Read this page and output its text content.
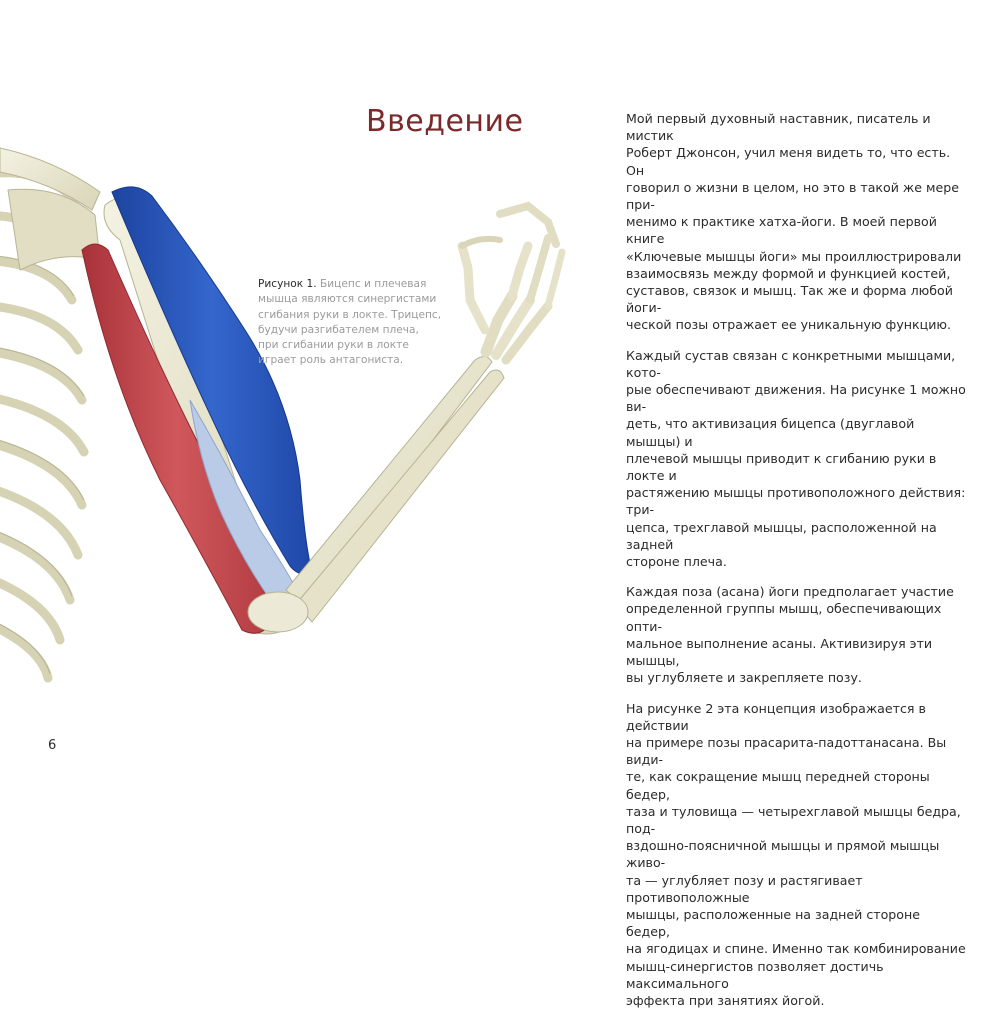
Введение
Рисунок 1. Бицепс и плечевая
мышца являются синергистами
сгибания руки в локте. Трицепс,
будучи разгибателем плеча,
при сгибании руки в локте
играет роль антагониста.

Мой первый духовный наставник, писатель и мистик
Роберт Джонсон, учил меня видеть то, что есть. Он
говорил о жизни в целом, но это в такой же мере при-
менимо к практике хатха-йоги. В моей первой книге
«Ключевые мышцы йоги» мы проиллюстрировали
взаимосвязь между формой и функцией костей,
суставов, связок и мышц. Так же и форма любой йоги-
ческой позы отражает ее уникальную функцию.

Каждый сустав связан с конкретными мышцами, кото-
рые обеспечивают движения. На рисунке 1 можно ви-
деть, что активизация бицепса (двуглавой мышцы) и
плечевой мышцы приводит к сгибанию руки в локте и
растяжению мышцы противоположного действия: три-
цепса, трехглавой мышцы, расположенной на задней
стороне плеча.

Каждая поза (асана) йоги предполагает участие
определенной группы мышц, обеспечивающих опти-
мальное выполнение асаны. Активизируя эти мышцы,
вы углубляете и закрепляете позу.

На рисунке 2 эта концепция изображается в действии
на примере позы прасарита-падоттанасана. Вы види-
те, как сокращение мышц передней стороны бедер,
таза и туловища — четырехглавой мышцы бедра, под-
вздошно-поясничной мышцы и прямой мышцы живо-
та — углубляет позу и растягивает противоположные
мышцы, расположенные на задней стороне бедер,
на ягодицах и спине. Именно так комбинирование
мышц-синергистов позволяет достичь максимального
эффекта при занятиях йогой.

6
